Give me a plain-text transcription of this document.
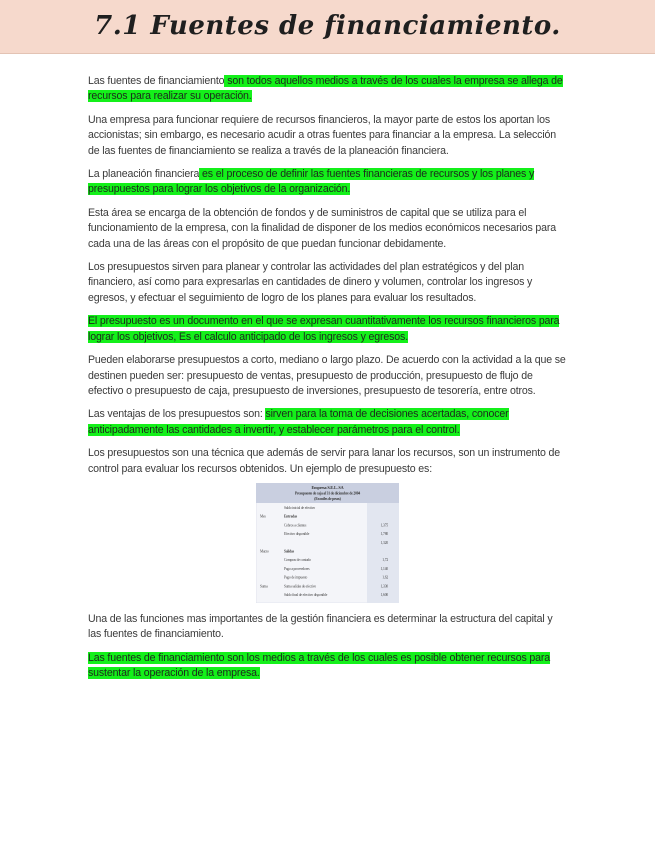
7.1 Fuentes de financiamiento.

Las fuentes de financiamiento son todos aquellos medios a través de los cuales la empresa se allega de recursos para realizar su operación.

Una empresa para funcionar requiere de recursos financieros, la mayor parte de estos los aportan los accionistas; sin embargo, es necesario acudir a otras fuentes para financiar a la empresa. La selección de las fuentes de financiamiento se realiza a través de la planeación financiera.

La planeación financiera es el proceso de definir las fuentes financieras de recursos y los planes y presupuestos para lograr los objetivos de la organización.

Esta área se encarga de la obtención de fondos y de suministros de capital que se utiliza para el funcionamiento de la empresa, con la finalidad de disponer de los medios económicos necesarios para cada una de las áreas con el propósito de que puedan funcionar debidamente.

Los presupuestos sirven para planear y controlar las actividades del plan estratégicos y del plan financiero, así como para expresarlas en cantidades de dinero y volumen, controlar los ingresos y egresos, y efectuar el seguimiento de logro de los planes para evaluar los resultados.

El presupuesto es un documento en el que se expresan cuantitativamente los recursos financieros para lograr los objetivos, Es el calculo anticipado de los ingresos y egresos.

Pueden elaborarse presupuestos a corto, mediano o largo plazo. De acuerdo con la actividad a la que se destinen pueden ser: presupuesto de ventas, presupuesto de producción, presupuesto de flujo de efectivo o presupuesto de caja, presupuesto de inversiones, presupuesto de tesorería, entre otros.

Las ventajas de los presupuestos son: sirven para la toma de decisiones acertadas, conocer anticipadamente las cantidades a invertir, y establecer parámetros para el control.

Los presupuestos son una técnica que además de servir para lanar los recursos, son un instrumento de control para evaluar los recursos obtenidos. Un ejemplo de presupuesto es:

Empresa S.E.L. SA
Presupuesto de caja al 31 de diciembre de 2004
(En miles de pesos)
Saldo inicial de efectivo
Mes	Entradas
Cobros a clientes	1,375
Efectivo disponible	1,780
1,320
Marzo	Salidas
Compras de contado	1,72
Pago a proveedores	1,140
Pago de impuesto	1,62
Suma	Suma salidas de efectivo	1,330
Saldo final de efectivo disponible	1,600

Una de las funciones mas importantes de la gestión financiera es determinar la estructura del capital y las fuentes de financiamiento.

Las fuentes de financiamiento son los medios a través de los cuales es posible obtener recursos para sustentar la operación de la empresa.
